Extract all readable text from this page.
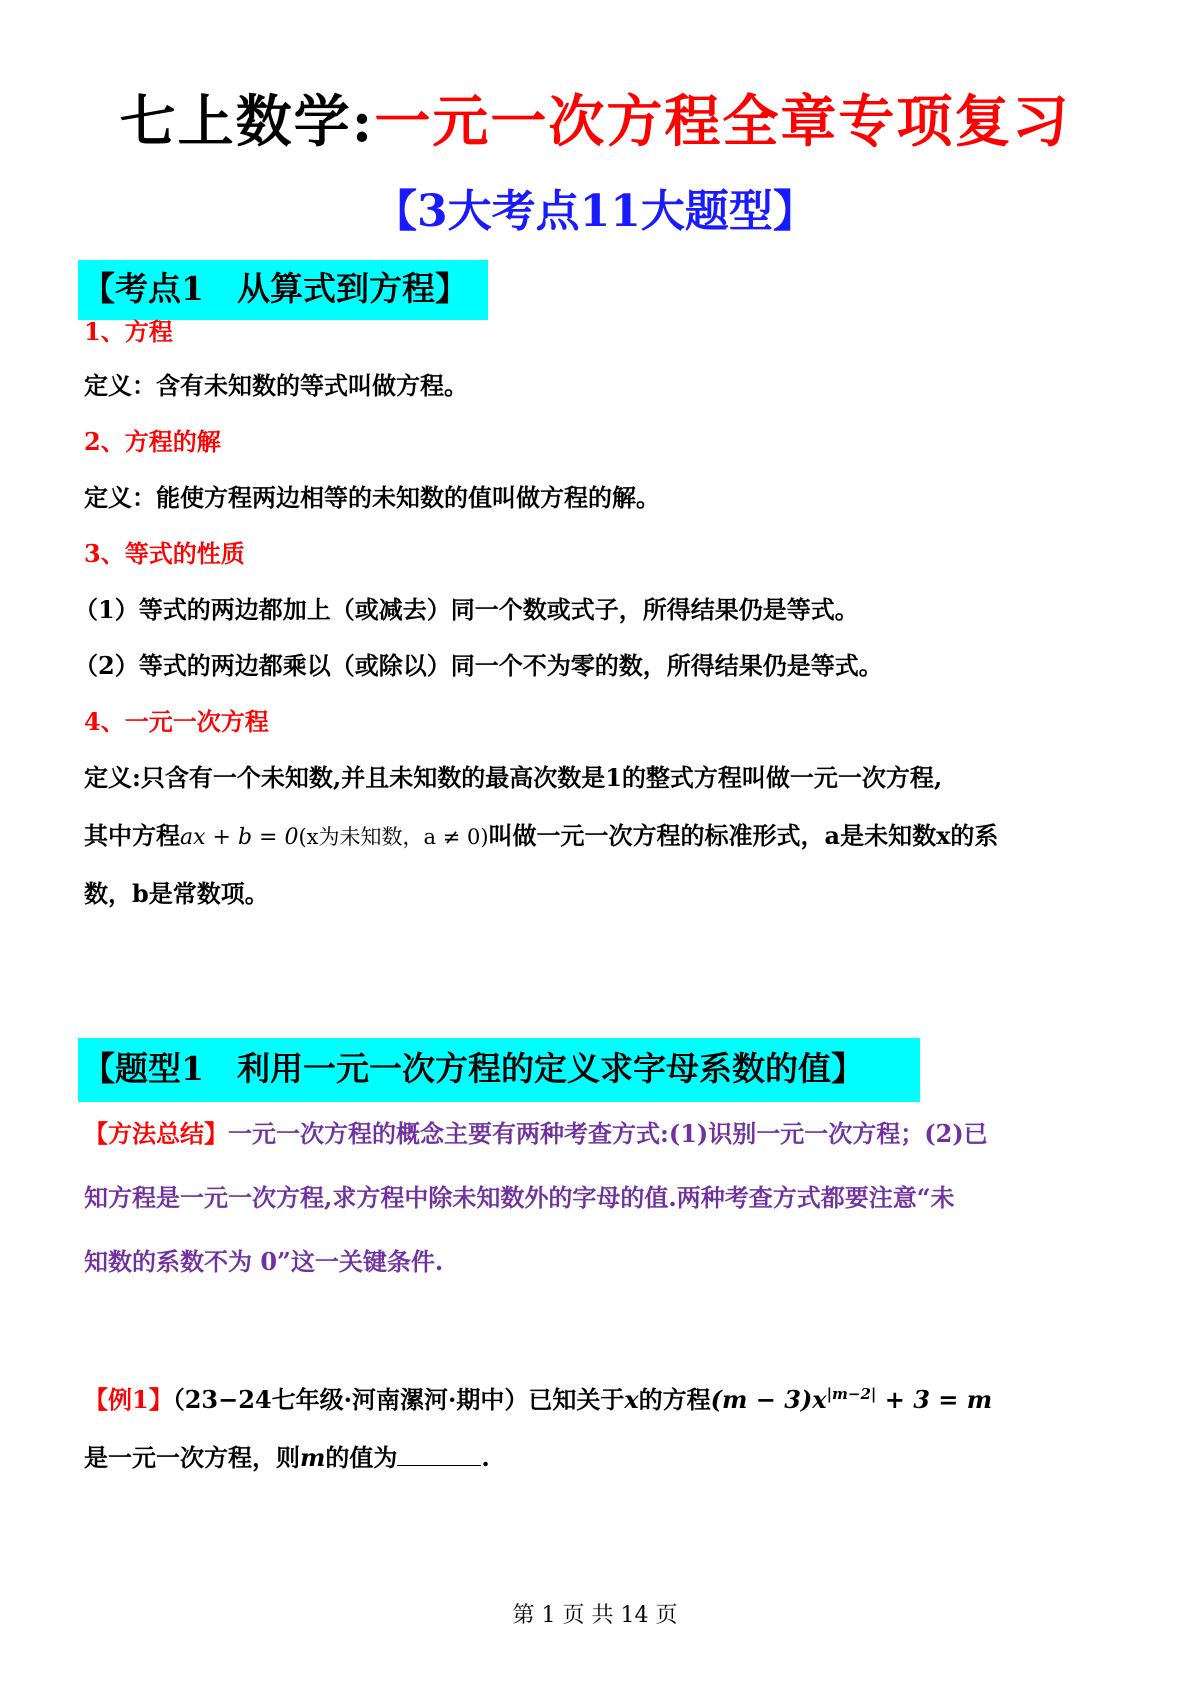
七上数学:一元一次方程全章专项复习
【3大考点11大题型】
【考点1　从算式到方程】
1、方程
定义：含有未知数的等式叫做方程。
2、方程的解
定义：能使方程两边相等的未知数的值叫做方程的解。
3、等式的性质
（1）等式的两边都加上（或减去）同一个数或式子，所得结果仍是等式。
（2）等式的两边都乘以（或除以）同一个不为零的数，所得结果仍是等式。
4、一元一次方程
定义:只含有一个未知数,并且未知数的最高次数是1的整式方程叫做一元一次方程,
其中方程ax + b = 0(x为未知数，a ≠ 0)叫做一元一次方程的标准形式，a是未知数x的系
数，b是常数项。
【题型1　利用一元一次方程的定义求字母系数的值】
【方法总结】一元一次方程的概念主要有两种考查方式:(1)识别一元一次方程；(2)已
知方程是一元一次方程,求方程中除未知数外的字母的值.两种考查方式都要注意“未
知数的系数不为 0”这一关键条件.
【例1】（23−24七年级·河南漯河·期中）已知关于x的方程$(m - 3)x^{|m-2|} + 3 = m$
是一元一次方程，则m的值为	.
第 1 页 共 14 页
